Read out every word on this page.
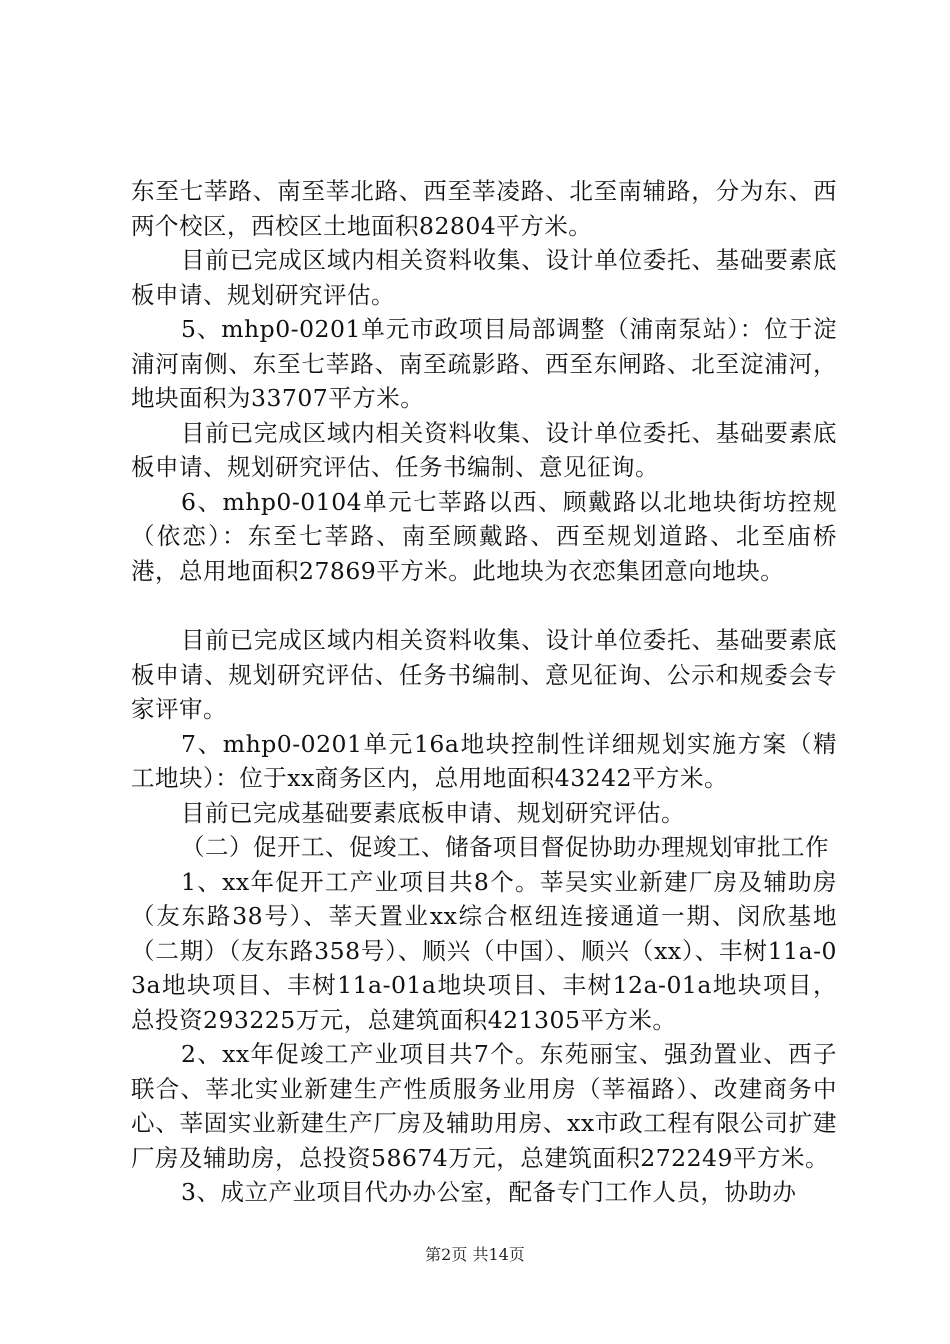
东至七莘路、南至莘北路、西至莘凌路、北至南辅路，分为东、西两个校区，西校区土地面积82804平方米。

目前已完成区域内相关资料收集、设计单位委托、基础要素底板申请、规划研究评估。

5、mhp0-0201单元市政项目局部调整（浦南泵站）：位于淀浦河南侧、东至七莘路、南至疏影路、西至东闸路、北至淀浦河，地块面积为33707平方米。

目前已完成区域内相关资料收集、设计单位委托、基础要素底板申请、规划研究评估、任务书编制、意见征询。

6、mhp0-0104单元七莘路以西、顾戴路以北地块街坊控规（依恋）：东至七莘路、南至顾戴路、西至规划道路、北至庙桥港，总用地面积27869平方米。此地块为衣恋集团意向地块。

目前已完成区域内相关资料收集、设计单位委托、基础要素底板申请、规划研究评估、任务书编制、意见征询、公示和规委会专家评审。

7、mhp0-0201单元16a地块控制性详细规划实施方案（精工地块）：位于xx商务区内，总用地面积43242平方米。

目前已完成基础要素底板申请、规划研究评估。

（二）促开工、促竣工、储备项目督促协助办理规划审批工作

1、xx年促开工产业项目共8个。莘吴实业新建厂房及辅助房（友东路38号）、莘天置业xx综合枢纽连接通道一期、闵欣基地（二期）（友东路358号）、顺兴（中国）、顺兴（xx）、丰树11a-03a地块项目、丰树11a-01a地块项目、丰树12a-01a地块项目，总投资293225万元，总建筑面积421305平方米。

2、xx年促竣工产业项目共7个。东苑丽宝、强劲置业、西子联合、莘北实业新建生产性质服务业用房（莘福路）、改建商务中心、莘固实业新建生产厂房及辅助用房、xx市政工程有限公司扩建厂房及辅助房，总投资58674万元，总建筑面积272249平方米。

3、成立产业项目代办办公室，配备专门工作人员，协助办

第2页 共14页
